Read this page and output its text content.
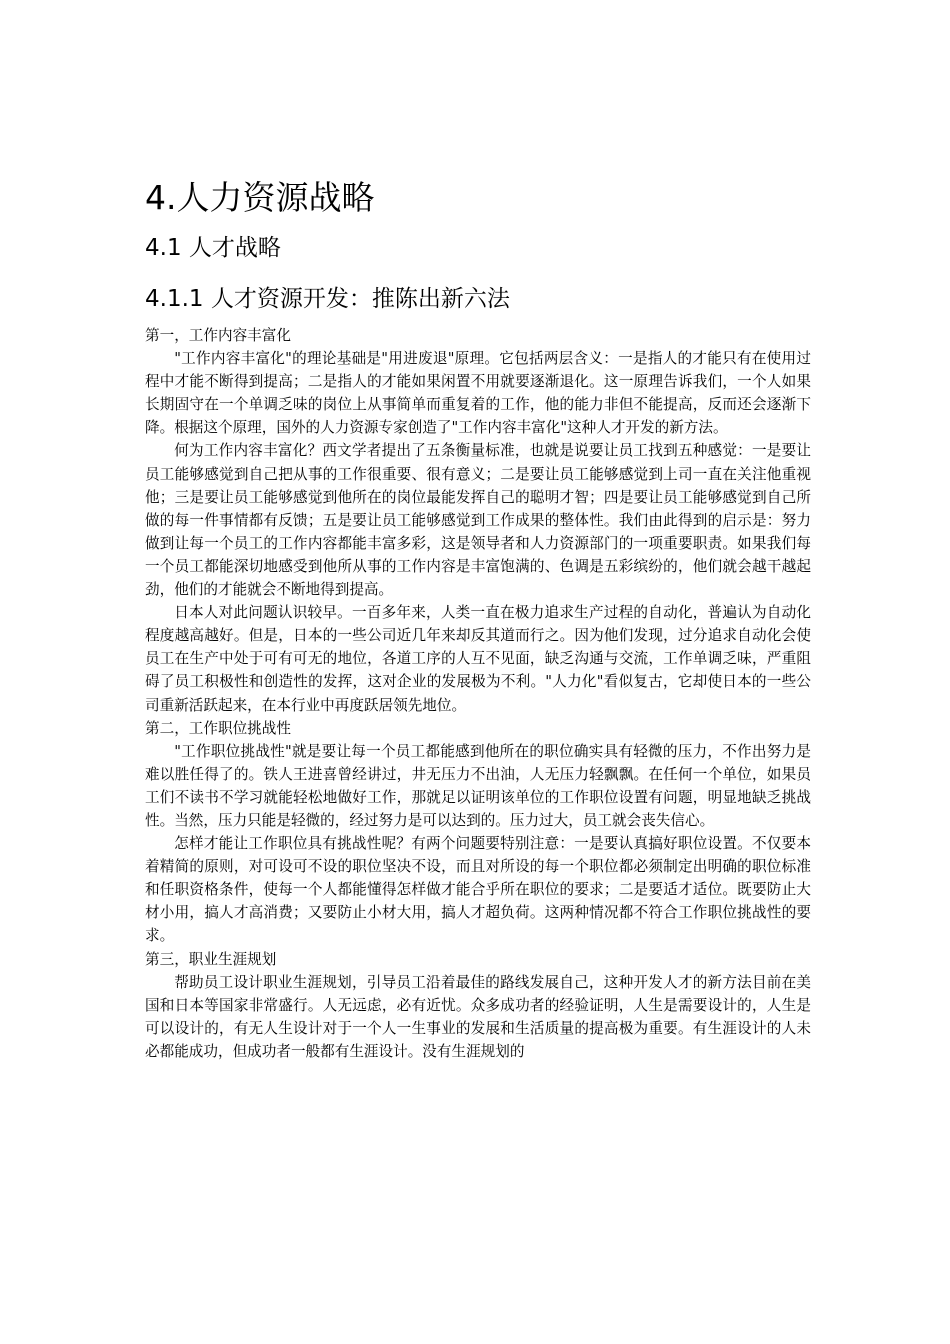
4.人力资源战略
4.1 人才战略
4.1.1 人才资源开发：推陈出新六法

第一，工作内容丰富化

"工作内容丰富化"的理论基础是"用进废退"原理。它包括两层含义：一是指人的才能只有在使用过程中才能不断得到提高；二是指人的才能如果闲置不用就要逐渐退化。这一原理告诉我们，一个人如果长期固守在一个单调乏味的岗位上从事简单而重复着的工作，他的能力非但不能提高，反而还会逐渐下降。根据这个原理，国外的人力资源专家创造了"工作内容丰富化"这种人才开发的新方法。

何为工作内容丰富化？西文学者提出了五条衡量标准，也就是说要让员工找到五种感觉：一是要让员工能够感觉到自己把从事的工作很重要、很有意义；二是要让员工能够感觉到上司一直在关注他重视他；三是要让员工能够感觉到他所在的岗位最能发挥自己的聪明才智；四是要让员工能够感觉到自己所做的每一件事情都有反馈；五是要让员工能够感觉到工作成果的整体性。我们由此得到的启示是：努力做到让每一个员工的工作内容都能丰富多彩，这是领导者和人力资源部门的一项重要职责。如果我们每一个员工都能深切地感受到他所从事的工作内容是丰富饱满的、色调是五彩缤纷的，他们就会越干越起劲，他们的才能就会不断地得到提高。

日本人对此问题认识较早。一百多年来，人类一直在极力追求生产过程的自动化，普遍认为自动化程度越高越好。但是，日本的一些公司近几年来却反其道而行之。因为他们发现，过分追求自动化会使员工在生产中处于可有可无的地位，各道工序的人互不见面，缺乏沟通与交流，工作单调乏味，严重阻碍了员工积极性和创造性的发挥，这对企业的发展极为不利。"人力化"看似复古，它却使日本的一些公司重新活跃起来，在本行业中再度跃居领先地位。

第二，工作职位挑战性

"工作职位挑战性"就是要让每一个员工都能感到他所在的职位确实具有轻微的压力，不作出努力是难以胜任得了的。铁人王进喜曾经讲过，井无压力不出油，人无压力轻飘飘。在任何一个单位，如果员工们不读书不学习就能轻松地做好工作，那就足以证明该单位的工作职位设置有问题，明显地缺乏挑战性。当然，压力只能是轻微的，经过努力是可以达到的。压力过大，员工就会丧失信心。

怎样才能让工作职位具有挑战性呢？有两个问题要特别注意：一是要认真搞好职位设置。不仅要本着精简的原则，对可设可不设的职位坚决不设，而且对所设的每一个职位都必须制定出明确的职位标准和任职资格条件，使每一个人都能懂得怎样做才能合乎所在职位的要求；二是要适才适位。既要防止大材小用，搞人才高消费；又要防止小材大用，搞人才超负荷。这两种情况都不符合工作职位挑战性的要求。

第三，职业生涯规划

帮助员工设计职业生涯规划，引导员工沿着最佳的路线发展自己，这种开发人才的新方法目前在美国和日本等国家非常盛行。人无远虑，必有近忧。众多成功者的经验证明，人生是需要设计的，人生是可以设计的，有无人生设计对于一个人一生事业的发展和生活质量的提高极为重要。有生涯设计的人未必都能成功，但成功者一般都有生涯设计。没有生涯规划的
